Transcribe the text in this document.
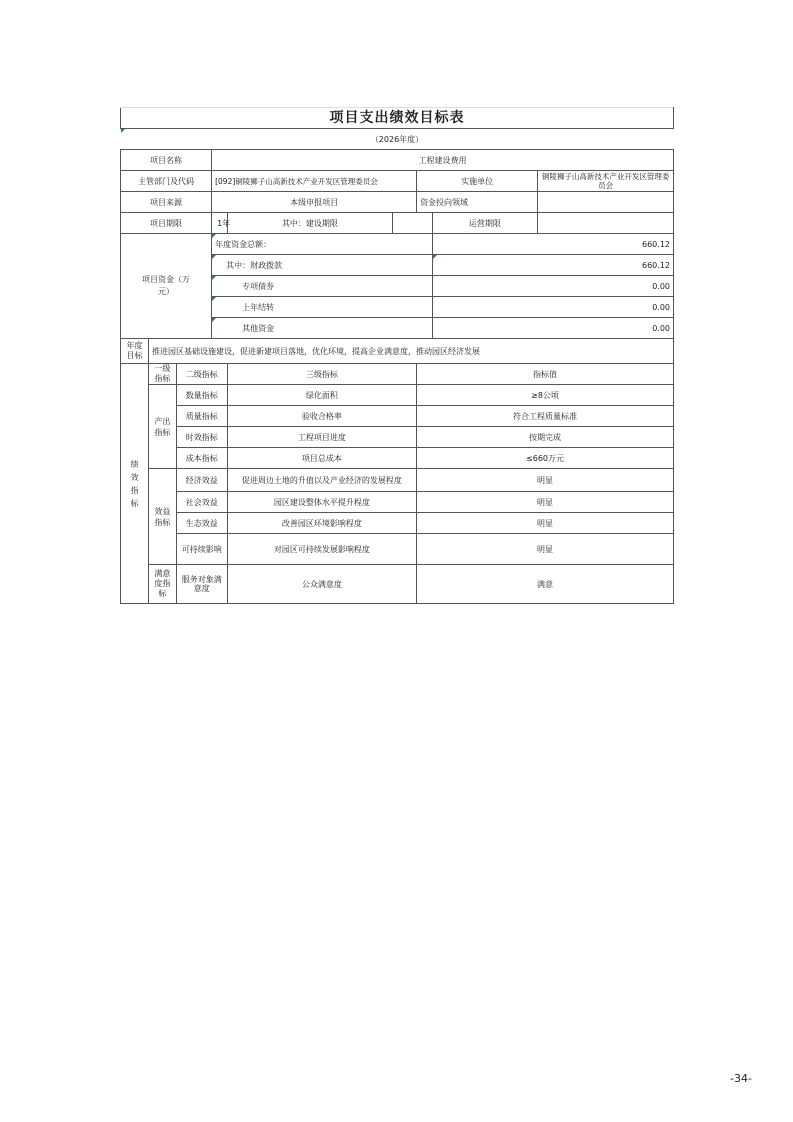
项目支出绩效目标表								
（2026年度）								
项目名称			工程建设费用					
主管部门及代码			[092]铜陵狮子山高新技术产业开发区管理委员会			实施单位		铜陵狮子山高新技术产业开发区管理委员会
项目来源			本级申报项目			资金投向领域		
项目期限			1年	其中：建设期限			运营期限	
项目资金（万元）			年度资金总额：				660.12	
			其中：财政拨款				660.12	
			专项债券				0.00	
			上年结转				0.00	
			其他资金				0.00	
年度目标	推进园区基础设施建设，促进新建项目落地，优化环境，提高企业满意度，推动园区经济发展							
绩效指标	一级指标	二级指标		三级指标		指标值		
	产出指标	数量指标		绿化面积		≥8公顷		
		质量指标		验收合格率		符合工程质量标准		
		时效指标		工程项目进度		按期完成		
		成本指标		项目总成本		≤660万元		
	效益指标	经济效益		促进周边土地的升值以及产业经济的发展程度		明显		
		社会效益		园区建设整体水平提升程度		明显		
		生态效益		改善园区环境影响程度		明显		
		可持续影响		对园区可持续发展影响程度		明显		
	满意度指标	服务对象满意度		公众满意度		满意		
-34-
